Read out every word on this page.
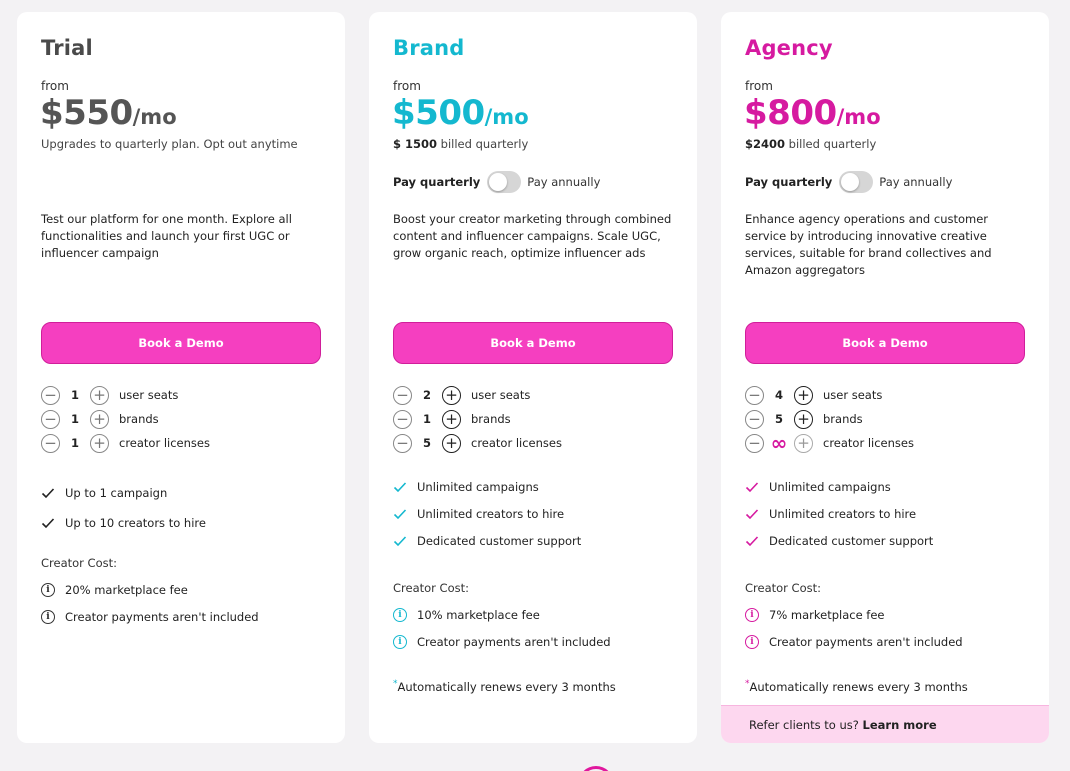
Trial
from
$550/mo
Upgrades to quarterly plan. Opt out anytime
Test our platform for one month. Explore all functionalities and launch your first UGC or influencer campaign
Book a Demo
−	1 + user seats
−	1 + brands
−	1 + creator licenses
Up to 1 campaign
Up to 10 creators to hire
Creator Cost:
i	20% marketplace fee
i	Creator payments aren't included
Brand
from
$500/mo
$ 1500 billed quarterly
Pay quarterly	Pay annually
Boost your creator marketing through combined content and influencer campaigns. Scale UGC, grow organic reach, optimize influencer ads
Book a Demo
−	2 + user seats
−	1 + brands
−	5 + creator licenses
Unlimited campaigns
Unlimited creators to hire
Dedicated customer support
Creator Cost:
i	10% marketplace fee
i	Creator payments aren't included
*Automatically renews every 3 months
Agency
from
$800/mo
$2400 billed quarterly
Pay quarterly	Pay annually
Enhance agency operations and customer service by introducing innovative creative services, suitable for brand collectives and Amazon aggregators
Book a Demo
−	4 + user seats
−	5 + brands
− ∞ + creator licenses
Unlimited campaigns
Unlimited creators to hire
Dedicated customer support
Creator Cost:
i	7% marketplace fee
i	Creator payments aren't included
*Automatically renews every 3 months
Refer clients to us?
Learn more
